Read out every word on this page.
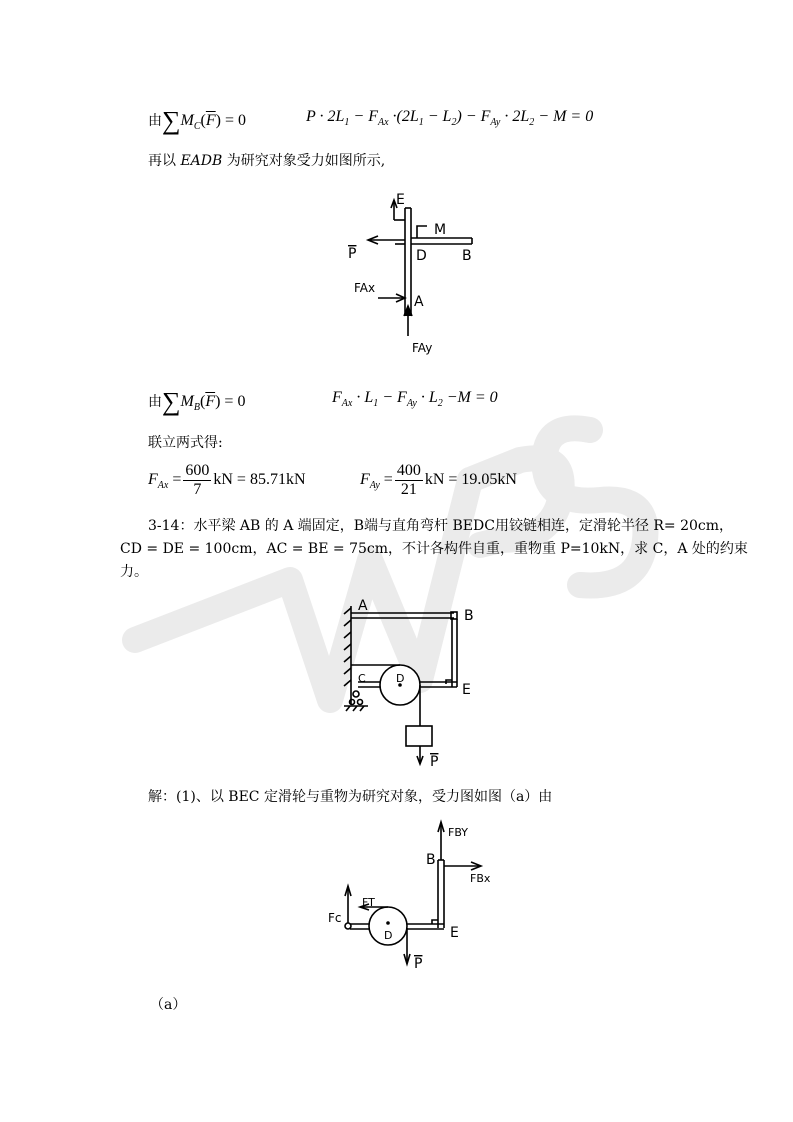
由$\sum M_C(\overline{F}) = 0$	$P \cdot 2L_1 - F_{Ax} \cdot(2L_1 - L_2) - F_{Ay} \cdot 2L_2 - M = 0$
再以 EADB 为研究对象受力如图所示,
E
M
P	D	B
FAx
A
FAy
由$\sum M_B(\overline{F}) = 0$	$F_{Ax} \cdot L_1 - F_{Ay} \cdot L_2 -M = 0$
联立两式得:
$F_{Ax} = \frac{600}{7}$ kN = 85.71kN	$F_{Ay} = \frac{400}{21}$ kN = 19.05kN
3-14：水平梁 AB 的 A 端固定，B端与直角弯杆 BEDC用铰链相连，定滑轮半径 R= 20cm，
CD = DE = 100cm，AC = BE = 75cm，不计各构件自重，重物重 P=10kN，求 C，A 处的约束
力。
A
B
C	D
E
P
解：(1)、以 BEC 定滑轮与重物为研究对象，受力图如图（a）由
FBY
B
FBx
Fc
FT
D	E
P
（a）
